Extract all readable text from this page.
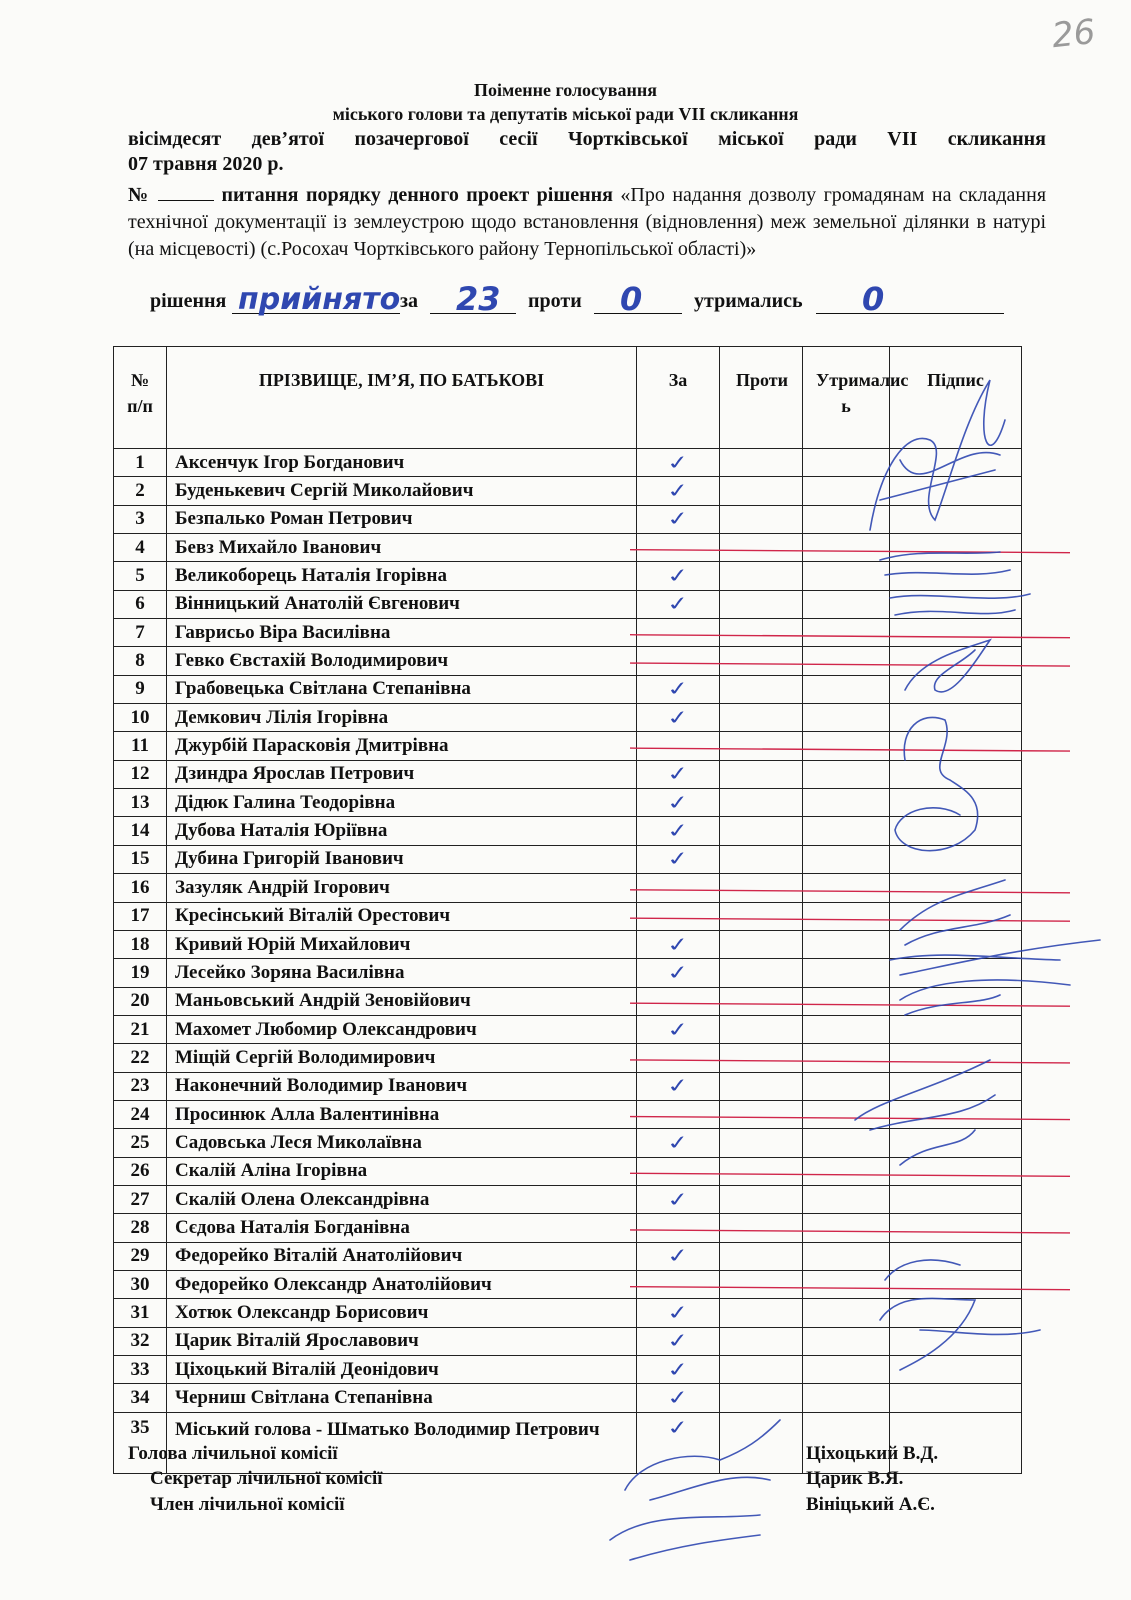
26
Поіменне голосування
міського голови та депутатів міської ради VII скликання
вісімдесят дев’ятої позачергової сесії Чортківської міської ради VII скликання
07 травня 2020 р.
№	питання порядку денного проект рішення «Про надання дозволу громадянам на складання технічної документації із землеустрою щодо встановлення (відновлення) меж земельної ділянки в натурі (на місцевості) (с.Росохач Чортківського району Тернопільської області)»
рішення прийнято за 23 проти 0	утримались 0
№ п/п	ПРІЗВИЩЕ, ІМ’Я, ПО БАТЬКОВІ	За	Проти	Утрималис ь	Підпис
1	Аксенчук Ігор Богданович	✓			
2	Буденькевич Сергій Миколайович	✓			
3	Безпалько Роман Петрович	✓			
4	Бевз Михайло Іванович				
5	Великоборець Наталія Ігорівна	✓			
6	Вінницький Анатолій Євгенович	✓			
7	Гаврисьо Віра Василівна				
8	Гевко Євстахій Володимирович				
9	Грабовецька Світлана Степанівна	✓			
10	Демкович Лілія Ігорівна	✓			
11	Джурбій Парасковія Дмитрівна				
12	Дзиндра Ярослав Петрович	✓			
13	Дідюк Галина Теодорівна	✓			
14	Дубова Наталія Юріївна	✓			
15	Дубина Григорій Іванович	✓			
16	Зазуляк Андрій Ігорович				
17	Кресінський Віталій Орестович				
18	Кривий Юрій Михайлович	✓			
19	Лесейко Зоряна Василівна	✓			
20	Маньовський Андрій Зеновійович				
21	Махомет Любомир Олександрович	✓			
22	Міщій Сергій Володимирович				
23	Наконечний Володимир Іванович	✓			
24	Просинюк Алла Валентинівна				
25	Садовська Леся Миколаївна	✓			
26	Скалій Аліна Ігорівна				
27	Скалій Олена Олександрівна	✓			
28	Сєдова Наталія Богданівна				
29	Федорейко Віталій Анатолійович	✓			
30	Федорейко Олександр Анатолійович				
31	Хотюк Олександр Борисович	✓			
32	Царик Віталій Ярославович	✓			
33	Ціхоцький Віталій Деонідович	✓			
34	Черниш Світлана Степанівна	✓			
35	Міський голова - Шматько Володимир Петрович	✓			
Голова лічильної комісії	Ціхоцький В.Д.
Секретар лічильної комісії	Царик В.Я.
Член лічильної комісії	Вініцький А.Є.
